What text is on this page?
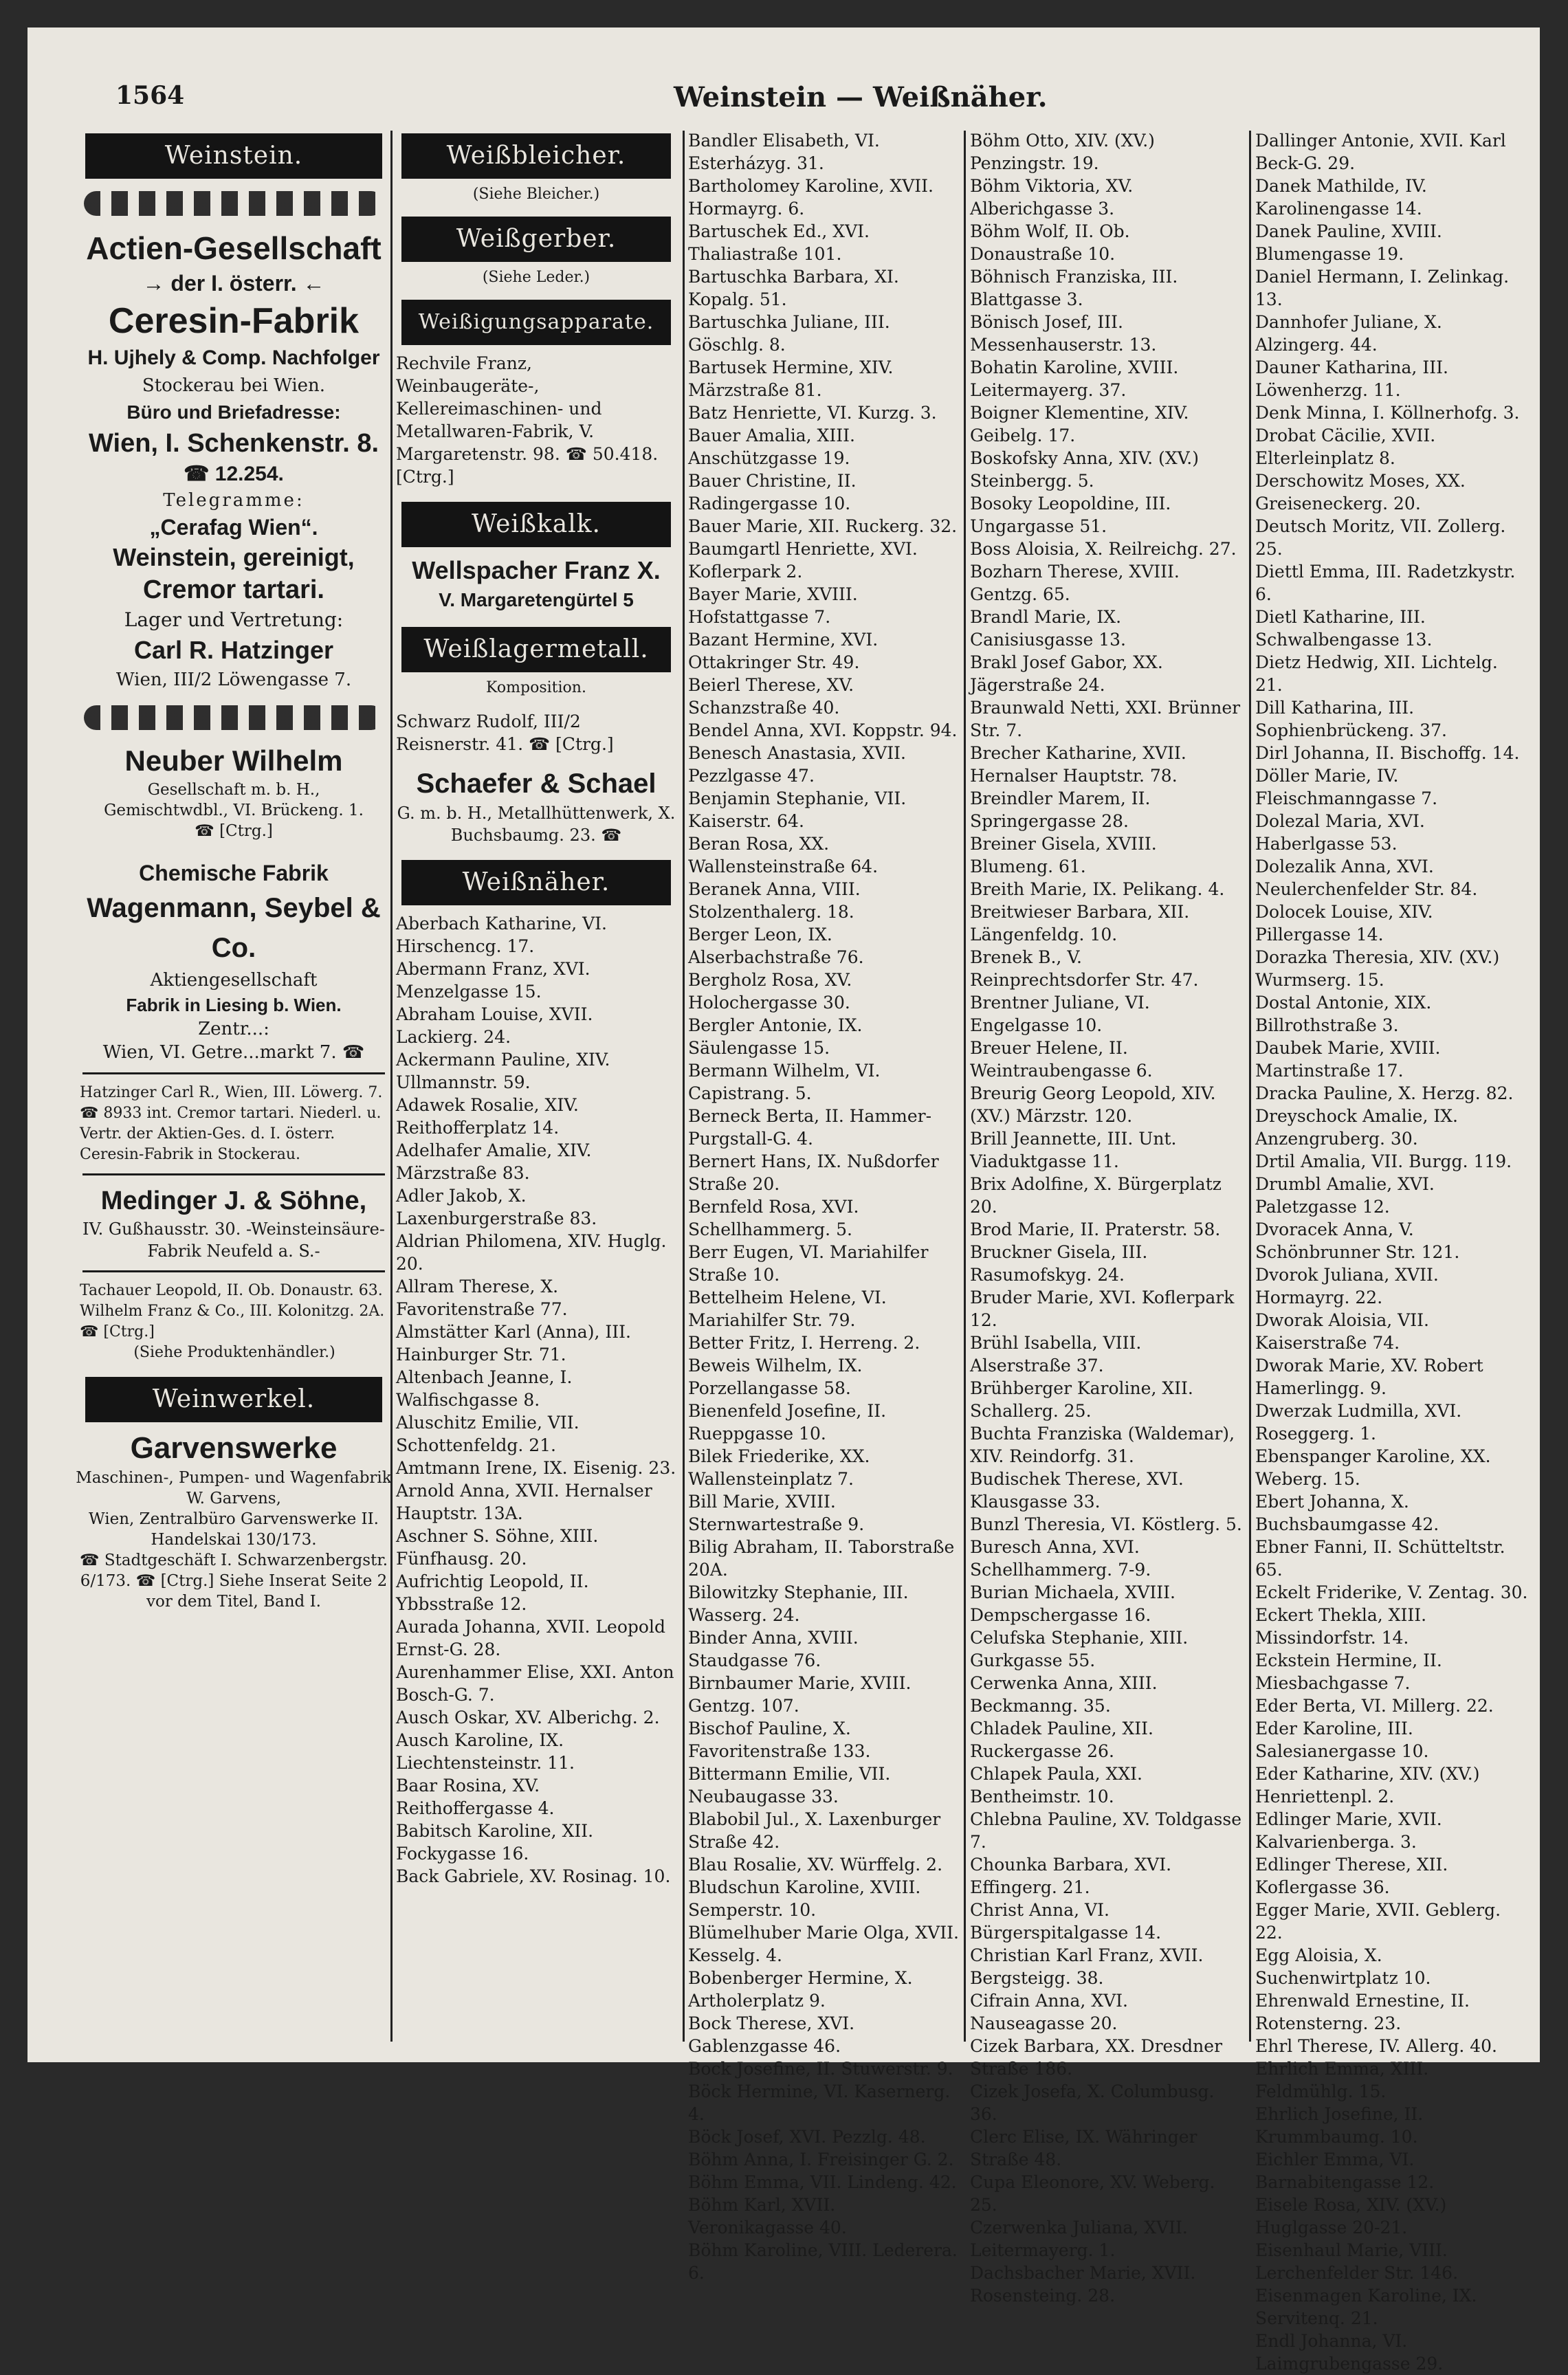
1564	Weinstein — Weißnäher.
Weinstein.
Actien-Gesellschaft
→ der I. österr. ←
Ceresin-Fabrik
H. Ujhely & Comp. Nachfolger
Stockerau bei Wien.
Büro und Briefadresse:
Wien, I. Schenkenstr. 8.
☎ 12.254.
Telegramme:
„Cerafag Wien“.
Weinstein, gereinigt,
Cremor tartari.
Lager und Vertretung:
Carl R. Hatzinger
Wien, III/2 Löwengasse 7.
Neuber Wilhelm
Gesellschaft m. b. H.,
Gemischtwdbl., VI. Brückeng. 1.
☎ [Ctrg.]
Chemische Fabrik
Wagenmann, Seybel & Co.
Aktiengesellschaft
Fabrik in Liesing b. Wien.
Zentr...:
Wien, VI. Getre...markt 7. ☎

Hatzinger Carl R., Wien, III. Löwerg. 7. ☎ 8933 int. Cremor tartari. Niederl. u. Vertr. der Aktien-Ges. d. I. österr. Ceresin-Fabrik in Stockerau.

Medinger J. & Söhne,
IV. Gußhausstr. 30. -Weinsteinsäure-Fabrik Neufeld a. S.-

Tachauer Leopold, II. Ob. Donaustr. 63.

Wilhelm Franz & Co., III. Kolonitzg. 2A. ☎ [Ctrg.]

(Siehe Produktenhändler.)

Weinwerkel.
Garvenswerke
Maschinen-, Pumpen- und Wagenfabrik W. Garvens,
Wien, Zentralbüro Garvenswerke II. Handelskai 130/173.
☎ Stadtgeschäft I. Schwarzenbergstr. 6/173. ☎ [Ctrg.] Siehe Inserat Seite 2 vor dem Titel, Band I.
Weißbleicher.

(Siehe Bleicher.)

Weißgerber.

(Siehe Leder.)

Weißigungsapparate.

Rechvile Franz, Weinbaugeräte-, Kellereimaschinen- und Metallwaren-Fabrik, V. Margaretenstr. 98. ☎ 50.418. [Ctrg.]

Weißkalk.
Wellspacher Franz X.
V. Margaretengürtel 5
Weißlagermetall.

Komposition.

Schwarz Rudolf, III/2 Reisnerstr. 41. ☎ [Ctrg.]

Schaefer & Schael
G. m. b. H., Metallhüttenwerk, X. Buchsbaumg. 23. ☎
Weißnäher.

Aberbach Katharine, VI. Hirschencg. 17.

Abermann Franz, XVI. Menzelgasse 15.

Abraham Louise, XVII. Lackierg. 24.

Ackermann Pauline, XIV. Ullmannstr. 59.

Adawek Rosalie, XIV. Reithofferplatz 14.

Adelhafer Amalie, XIV. Märzstraße 83.

Adler Jakob, X. Laxenburgerstraße 83.

Aldrian Philomena, XIV. Huglg. 20.

Allram Therese, X. Favoritenstraße 77.

Almstätter Karl (Anna), III. Hainburger Str. 71.

Altenbach Jeanne, I. Walfischgasse 8.

Aluschitz Emilie, VII. Schottenfeldg. 21.

Amtmann Irene, IX. Eisenig. 23.

Arnold Anna, XVII. Hernalser Hauptstr. 13A.

Aschner S. Söhne, XIII. Fünfhausg. 20.

Aufrichtig Leopold, II. Ybbsstraße 12.

Aurada Johanna, XVII. Leopold Ernst-G. 28.

Aurenhammer Elise, XXI. Anton Bosch-G. 7.

Ausch Oskar, XV. Alberichg. 2.

Ausch Karoline, IX. Liechtensteinstr. 11.

Baar Rosina, XV. Reithoffergasse 4.

Babitsch Karoline, XII. Fockygasse 16.

Back Gabriele, XV. Rosinag. 10.

Bandler Elisabeth, VI. Esterházyg. 31.

Bartholomey Karoline, XVII. Hormayrg. 6.

Bartuschek Ed., XVI. Thaliastraße 101.

Bartuschka Barbara, XI. Kopalg. 51.

Bartuschka Juliane, III. Göschlg. 8.

Bartusek Hermine, XIV. Märzstraße 81.

Batz Henriette, VI. Kurzg. 3.

Bauer Amalia, XIII. Anschützgasse 19.

Bauer Christine, II. Radingergasse 10.

Bauer Marie, XII. Ruckerg. 32.

Baumgartl Henriette, XVI. Koflerpark 2.

Bayer Marie, XVIII. Hofstattgasse 7.

Bazant Hermine, XVI. Ottakringer Str. 49.

Beierl Therese, XV. Schanzstraße 40.

Bendel Anna, XVI. Koppstr. 94.

Benesch Anastasia, XVII. Pezzlgasse 47.

Benjamin Stephanie, VII. Kaiserstr. 64.

Beran Rosa, XX. Wallensteinstraße 64.

Beranek Anna, VIII. Stolzenthalerg. 18.

Berger Leon, IX. Alserbachstraße 76.

Bergholz Rosa, XV. Holochergasse 30.

Bergler Antonie, IX. Säulengasse 15.

Bermann Wilhelm, VI. Capistrang. 5.

Berneck Berta, II. Hammer-Purgstall-G. 4.

Bernert Hans, IX. Nußdorfer Straße 20.

Bernfeld Rosa, XVI. Schellhammerg. 5.

Berr Eugen, VI. Mariahilfer Straße 10.

Bettelheim Helene, VI. Mariahilfer Str. 79.

Better Fritz, I. Herreng. 2.

Beweis Wilhelm, IX. Porzellangasse 58.

Bienenfeld Josefine, II. Rueppgasse 10.

Bilek Friederike, XX. Wallensteinplatz 7.

Bill Marie, XVIII. Sternwartestraße 9.

Bilig Abraham, II. Taborstraße 20A.

Bilowitzky Stephanie, III. Wasserg. 24.

Binder Anna, XVIII. Staudgasse 76.

Birnbaumer Marie, XVIII. Gentzg. 107.

Bischof Pauline, X. Favoritenstraße 133.

Bittermann Emilie, VII. Neubaugasse 33.

Blabobil Jul., X. Laxenburger Straße 42.

Blau Rosalie, XV. Würffelg. 2.

Bludschun Karoline, XVIII. Semperstr. 10.

Blümelhuber Marie Olga, XVII. Kesselg. 4.

Bobenberger Hermine, X. Artholerplatz 9.

Bock Therese, XVI. Gablenzgasse 46.

Bock Josefine, II. Stuwerstr. 9.

Böck Hermine, VI. Kasernerg. 4.

Böck Josef, XVI. Pezzlg. 48.

Böhm Anna, I. Freisinger G. 2.

Böhm Emma, VII. Lindeng. 42.

Böhm Karl, XVII. Veronikagasse 40.

Böhm Karoline, VIII. Lederera. 6.

Böhm Otto, XIV. (XV.) Penzingstr. 19.

Böhm Viktoria, XV. Alberichgasse 3.

Böhm Wolf, II. Ob. Donaustraße 10.

Böhnisch Franziska, III. Blattgasse 3.

Bönisch Josef, III. Messenhauserstr. 13.

Bohatin Karoline, XVIII. Leitermayerg. 37.

Boigner Klementine, XIV. Geibelg. 17.

Boskofsky Anna, XIV. (XV.) Steinbergg. 5.

Bosoky Leopoldine, III. Ungargasse 51.

Boss Aloisia, X. Reilreichg. 27.

Bozharn Therese, XVIII. Gentzg. 65.

Brandl Marie, IX. Canisiusgasse 13.

Brakl Josef Gabor, XX. Jägerstraße 24.

Braunwald Netti, XXI. Brünner Str. 7.

Brecher Katharine, XVII. Hernalser Hauptstr. 78.

Breindler Marem, II. Springergasse 28.

Breiner Gisela, XVIII. Blumeng. 61.

Breith Marie, IX. Pelikang. 4.

Breitwieser Barbara, XII. Längenfeldg. 10.

Brenek B., V. Reinprechtsdorfer Str. 47.

Brentner Juliane, VI. Engelgasse 10.

Breuer Helene, II. Weintraubengasse 6.

Breurig Georg Leopold, XIV. (XV.) Märzstr. 120.

Brill Jeannette, III. Unt. Viaduktgasse 11.

Brix Adolfine, X. Bürgerplatz 20.

Brod Marie, II. Praterstr. 58.

Bruckner Gisela, III. Rasumofskyg. 24.

Bruder Marie, XVI. Koflerpark 12.

Brühl Isabella, VIII. Alserstraße 37.

Brühberger Karoline, XII. Schallerg. 25.

Buchta Franziska (Waldemar), XIV. Reindorfg. 31.

Budischek Therese, XVI. Klausgasse 33.

Bunzl Theresia, VI. Köstlerg. 5.

Buresch Anna, XVI. Schellhammerg. 7-9.

Burian Michaela, XVIII. Dempschergasse 16.

Celufska Stephanie, XIII. Gurkgasse 55.

Cerwenka Anna, XIII. Beckmanng. 35.

Chladek Pauline, XII. Ruckergasse 26.

Chlapek Paula, XXI. Bentheimstr. 10.

Chlebna Pauline, XV. Toldgasse 7.

Chounka Barbara, XVI. Effingerg. 21.

Christ Anna, VI. Bürgerspitalgasse 14.

Christian Karl Franz, XVII. Bergsteigg. 38.

Cifrain Anna, XVI. Nauseagasse 20.

Cizek Barbara, XX. Dresdner Straße 186.

Cizek Josefa, X. Columbusg. 36.

Clerc Elise, IX. Währinger Straße 48.

Cupa Eleonore, XV. Weberg. 25.

Czerwenka Juliana, XVII. Leitermayerg. 1.

Dachsbacher Marie, XVII. Rosensteing. 28.

Dallinger Antonie, XVII. Karl Beck-G. 29.

Danek Mathilde, IV. Karolinengasse 14.

Danek Pauline, XVIII. Blumengasse 19.

Daniel Hermann, I. Zelinkag. 13.

Dannhofer Juliane, X. Alzingerg. 44.

Dauner Katharina, III. Löwenherzg. 11.

Denk Minna, I. Köllnerhofg. 3.

Drobat Cäcilie, XVII. Elterleinplatz 8.

Derschowitz Moses, XX. Greiseneckerg. 20.

Deutsch Moritz, VII. Zollerg. 25.

Diettl Emma, III. Radetzkystr. 6.

Dietl Katharine, III. Schwalbengasse 13.

Dietz Hedwig, XII. Lichtelg. 21.

Dill Katharina, III. Sophienbrückeng. 37.

Dirl Johanna, II. Bischoffg. 14.

Döller Marie, IV. Fleischmanngasse 7.

Dolezal Maria, XVI. Haberlgasse 53.

Dolezalik Anna, XVI. Neulerchenfelder Str. 84.

Dolocek Louise, XIV. Pillergasse 14.

Dorazka Theresia, XIV. (XV.) Wurmserg. 15.

Dostal Antonie, XIX. Billrothstraße 3.

Daubek Marie, XVIII. Martinstraße 17.

Dracka Pauline, X. Herzg. 82.

Dreyschock Amalie, IX. Anzengruberg. 30.

Drtil Amalia, VII. Burgg. 119.

Drumbl Amalie, XVI. Paletzgasse 12.

Dvoracek Anna, V. Schönbrunner Str. 121.

Dvorok Juliana, XVII. Hormayrg. 22.

Dworak Aloisia, VII. Kaiserstraße 74.

Dworak Marie, XV. Robert Hamerlingg. 9.

Dwerzak Ludmilla, XVI. Roseggerg. 1.

Ebenspanger Karoline, XX. Weberg. 15.

Ebert Johanna, X. Buchsbaumgasse 42.

Ebner Fanni, II. Schütteltstr. 65.

Eckelt Friderike, V. Zentag. 30.

Eckert Thekla, XIII. Missindorfstr. 14.

Eckstein Hermine, II. Miesbachgasse 7.

Eder Berta, VI. Millerg. 22.

Eder Karoline, III. Salesianergasse 10.

Eder Katharine, XIV. (XV.) Henriettenpl. 2.

Edlinger Marie, XVII. Kalvarienberga. 3.

Edlinger Therese, XII. Koflergasse 36.

Egger Marie, XVII. Geblerg. 22.

Egg Aloisia, X. Suchenwirtplatz 10.

Ehrenwald Ernestine, II. Rotensterng. 23.

Ehrl Therese, IV. Allerg. 40.

Ehrlich Emma, XIII. Feldmühlg. 15.

Ehrlich Josefine, II. Krummbaumg. 10.

Eichler Emma, VI. Barnabitengasse 12.

Eisele Rosa, XIV. (XV.) Huglgasse 20-21.

Eisenhaul Marie, VIII. Lerchenfelder Str. 146.

Eisenmagen Karoline, IX. Servitenq. 21.

Endl Johanna, VI. Laimgrubengasse 29.
